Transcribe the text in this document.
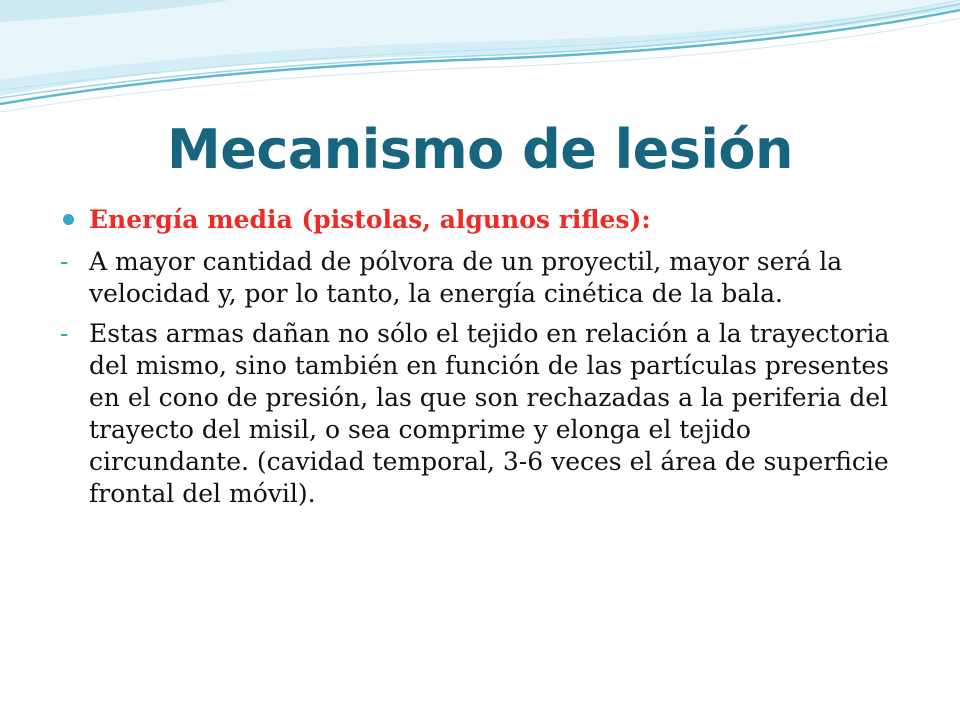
Mecanismo de lesión
Energía media (pistolas, algunos rifles):
- A mayor cantidad de pólvora de un proyectil, mayor será la velocidad y, por lo tanto, la energía cinética de la bala.
- Estas armas dañan no sólo el tejido en relación a la trayectoria del mismo, sino también en función de las partículas presentes en el cono de presión, las que son rechazadas a la periferia del trayecto del misil, o sea comprime y elonga el tejido circundante. (cavidad temporal, 3-6 veces el área de superficie frontal del móvil).
